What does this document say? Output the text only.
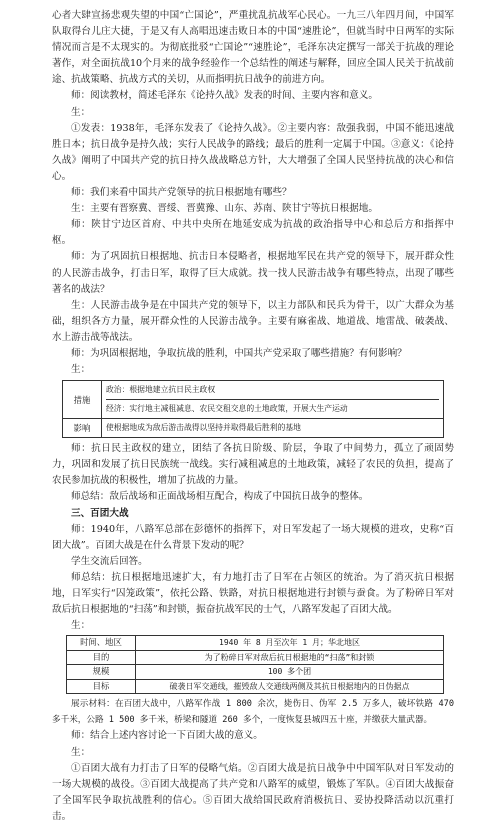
心者大肆宣扬悲观失望的中国“亡国论”，严重扰乱抗战军心民心。一九三八年四月间，中国军队取得台儿庄大捷，于是又有人高唱迅速击败日本的中国“速胜论”，但就当时中日两军的实际情况而言是不太现实的。为彻底批驳“亡国论”“速胜论”，毛泽东决定撰写一部关于抗战的理论著作，对全面抗战10个月来的战争经验作一个总结性的阐述与解释，回应全国人民关于抗战前途、抗战策略、抗战方式的关切，从而指明抗日战争的前进方向。

师：阅读教材，简述毛泽东《论持久战》发表的时间、主要内容和意义。

生：

①发表：1938年，毛泽东发表了《论持久战》。②主要内容：敌强我弱，中国不能迅速战胜日本；抗日战争是持久战；实行人民战争的路线；最后的胜利一定属于中国。③意义：《论持久战》阐明了中国共产党的抗日持久战战略总方针，大大增强了全国人民坚持抗战的决心和信心。

师：我们来看中国共产党领导的抗日根据地有哪些？

生：主要有晋察冀、晋绥、晋冀豫、山东、苏南、陕甘宁等抗日根据地。

师：陕甘宁边区首府、中共中央所在地延安成为抗战的政治指导中心和总后方和指挥中枢。

师：为了巩固抗日根据地、抗击日本侵略者，根据地军民在共产党的领导下，展开群众性的人民游击战争，打击日军，取得了巨大成就。找一找人民游击战争有哪些特点，出现了哪些著名的战法？

生：人民游击战争是在中国共产党的领导下，以主力部队和民兵为骨干，以广大群众为基础，组织各方力量，展开群众性的人民游击战争。主要有麻雀战、地道战、地雷战、破袭战、水上游击战等战法。

师：为巩固根据地，争取抗战的胜利，中国共产党采取了哪些措施？有何影响？

生：

措施	政治：根据地建立抗日民主政权
经济：实行地主减租减息、农民交租交息的土地政策，开展大生产运动
影响	使根据地成为敌后游击战得以坚持并取得最后胜利的基地

师：抗日民主政权的建立，团结了各抗日阶级、阶层，争取了中间势力，孤立了顽固势力，巩固和发展了抗日民族统一战线。实行减租减息的土地政策，减轻了农民的负担，提高了农民参加抗战的积极性，增加了抗战的力量。

师总结：敌后战场和正面战场相互配合，构成了中国抗日战争的整体。

三、百团大战

师：1940年，八路军总部在彭德怀的指挥下，对日军发起了一场大规模的进攻，史称“百团大战”。百团大战是在什么背景下发动的呢？

学生交流后回答。

师总结：抗日根据地迅速扩大，有力地打击了日军在占领区的统治。为了消灭抗日根据地，日军实行“囚笼政策”，依托公路、铁路，对抗日根据地进行封锁与蚕食。为了粉碎日军对敌后抗日根据地的“扫荡”和封锁，振奋抗战军民的士气，八路军发起了百团大战。

生：

时间、地区	1940 年 8 月至次年 1 月；华北地区
目的	为了粉碎日军对敌后抗日根据地的“扫荡”和封锁
规模	100 多个团
目标	破袭日军交通线，摧毁敌人交通线两侧及其抗日根据地内的日伪据点

展示材料：在百团大战中，八路军作战 1 800 余次，毙伤日、伪军 2.5 万多人，破坏铁路 470 多千米，公路 1 500 多千米，桥梁和隧道 260 多个，一度恢复县城四五十座，并缴获大量武器。

师：结合上述内容讨论一下百团大战的意义。

生：

①百团大战有力打击了日军的侵略气焰。②百团大战是抗日战争中中国军队对日军发动的一场大规模的战役。③百团大战提高了共产党和八路军的威望，锻炼了军队。④百团大战振奋了全国军民争取抗战胜利的信心。⑤百团大战给国民政府消极抗日、妥协投降活动以沉重打击。
